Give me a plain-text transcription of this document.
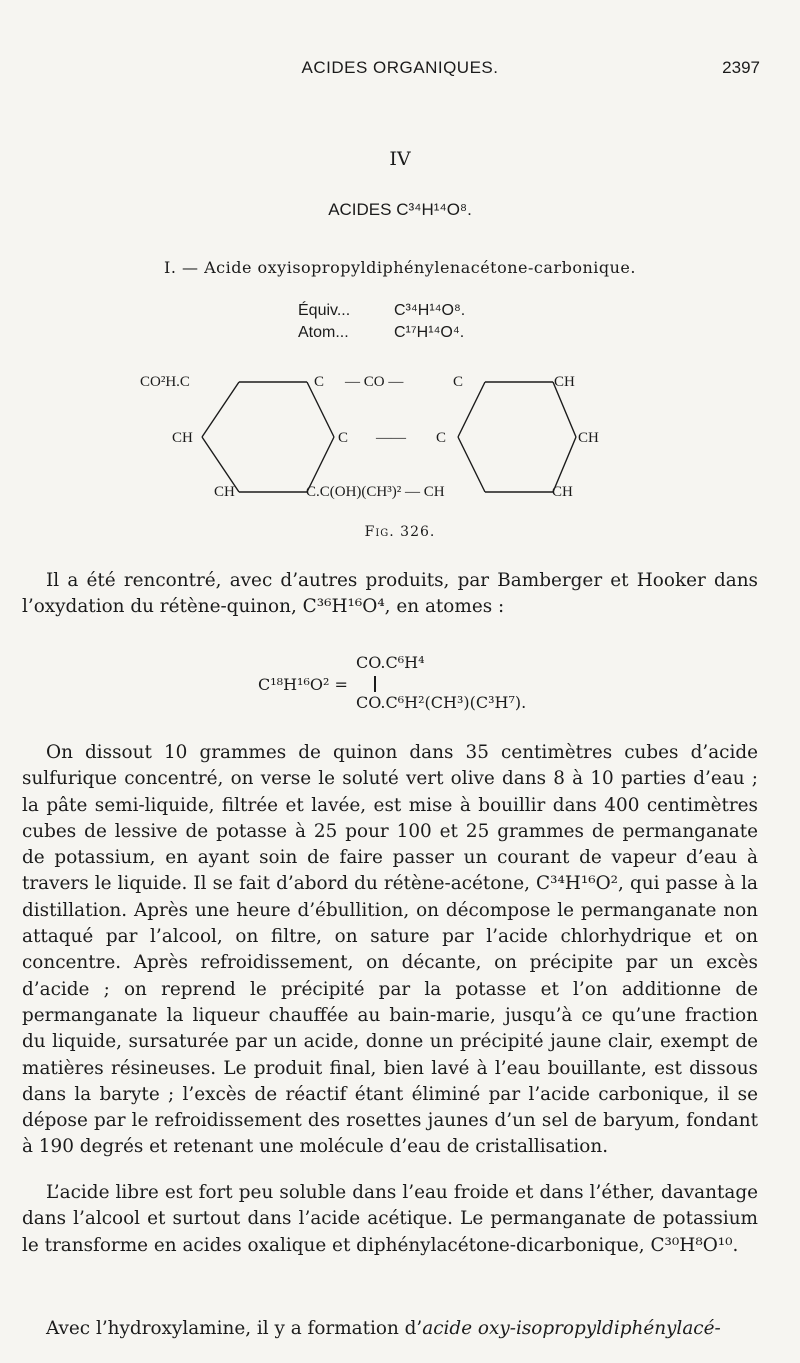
ACIDES ORGANIQUES.	2397
IV
ACIDES C³⁴H¹⁴O⁸.
I. — Acide oxyisopropyldiphénylenacétone-carbonique.
Équiv...	C³⁴H¹⁴O⁸.
Atom...	C¹⁷H¹⁴O⁴.
CO²H.C	C — CO —	C	CH
CH	C —— C	CH
CH	C.C(OH)(CH³)² — CH	CH
Fig. 326.
Il a été rencontré, avec d’autres produits, par Bamberger et Hooker dans l’oxydation du rétène-quinon, C³⁶H¹⁶O⁴, en atomes :
C¹⁸H¹⁶O² =
CO.C⁶H⁴
CO.C⁶H²(CH³)(C³H⁷).
On dissout 10 grammes de quinon dans 35 centimètres cubes d’acide sulfurique concentré, on verse le soluté vert olive dans 8 à 10 parties d’eau ; la pâte semi-liquide, filtrée et lavée, est mise à bouillir dans 400 centimètres cubes de lessive de potasse à 25 pour 100 et 25 grammes de permanganate de potassium, en ayant soin de faire passer un courant de vapeur d’eau à travers le liquide. Il se fait d’abord du rétène-acétone, C³⁴H¹⁶O², qui passe à la distillation. Après une heure d’ébullition, on décompose le permanganate non attaqué par l’alcool, on filtre, on sature par l’acide chlorhydrique et on concentre. Après refroidissement, on décante, on précipite par un excès d’acide ; on reprend le précipité par la potasse et l’on additionne de permanganate la liqueur chauffée au bain-marie, jusqu’à ce qu’une fraction du liquide, sursaturée par un acide, donne un précipité jaune clair, exempt de matières résineuses. Le produit final, bien lavé à l’eau bouillante, est dissous dans la baryte ; l’excès de réactif étant éliminé par l’acide carbonique, il se dépose par le refroidissement des rosettes jaunes d’un sel de baryum, fondant à 190 degrés et retenant une molécule d’eau de cristallisation.
L’acide libre est fort peu soluble dans l’eau froide et dans l’éther, davantage dans l’alcool et surtout dans l’acide acétique. Le permanganate de potassium le transforme en acides oxalique et diphénylacétone-dicarbonique, C³⁰H⁸O¹⁰.
Avec l’hydroxylamine, il y a formation d’acide oxy-isopropyldiphénylacé-
